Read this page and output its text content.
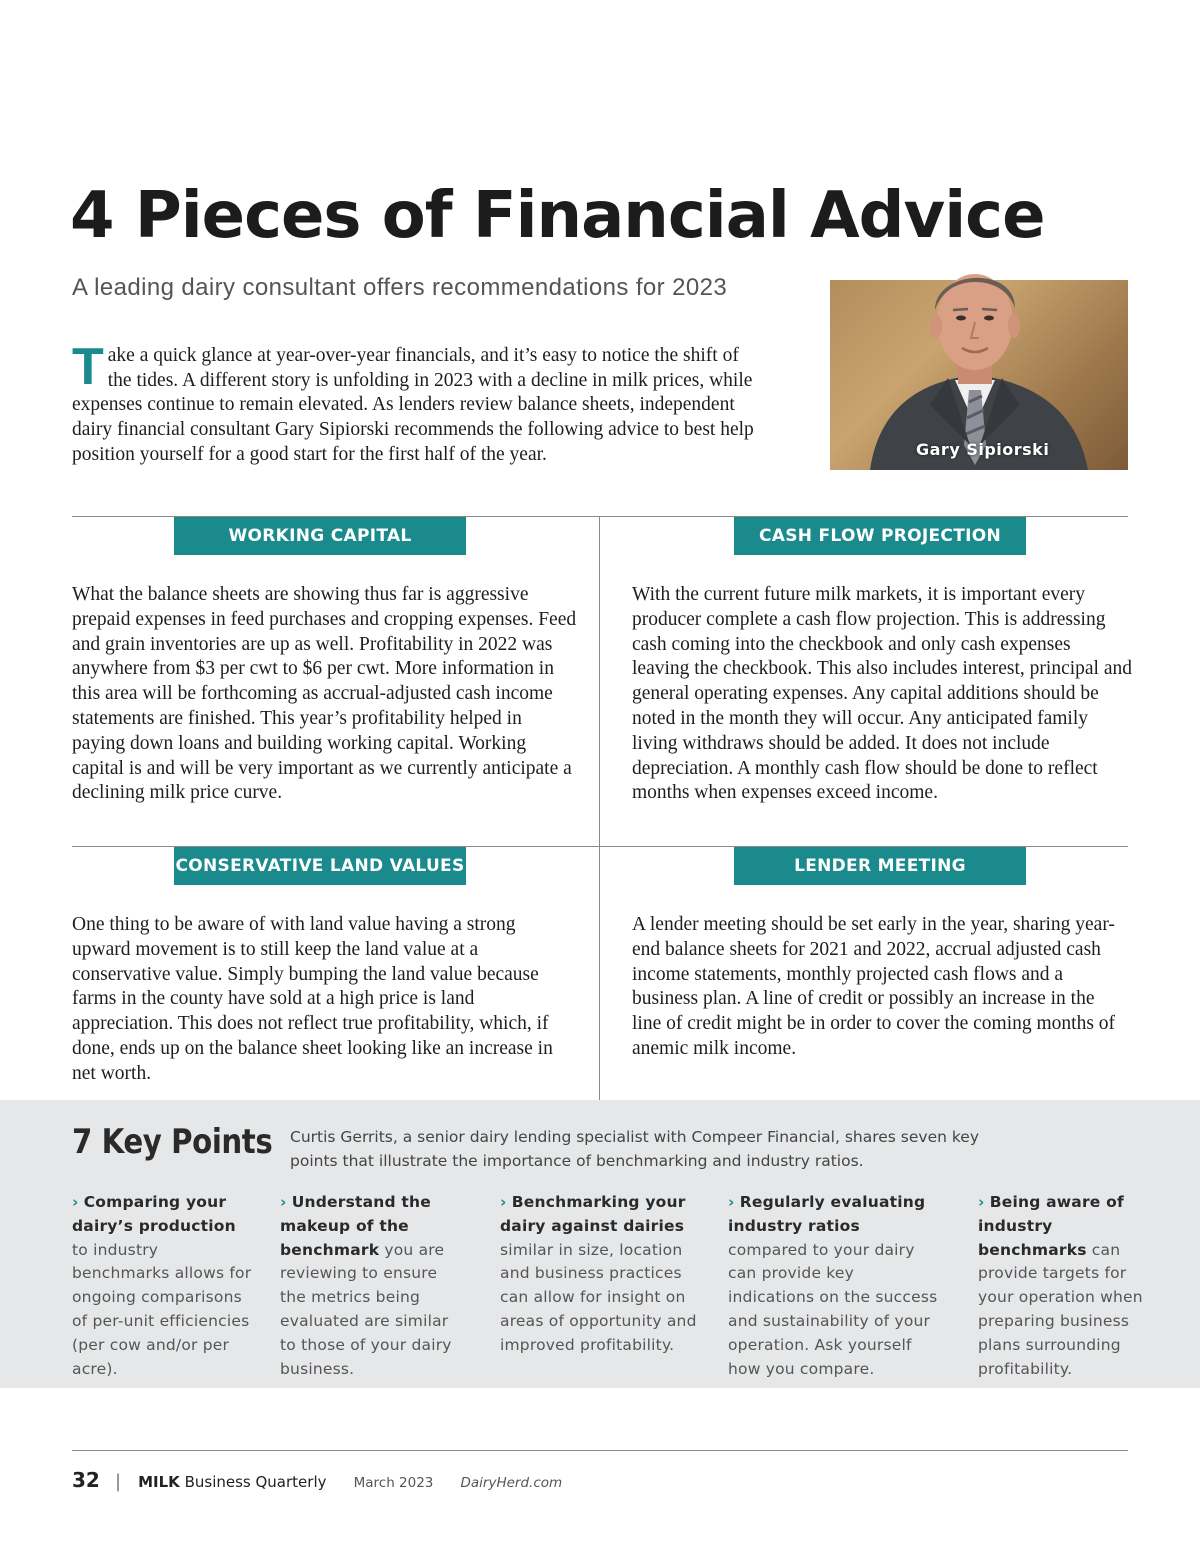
4 Pieces of Financial Advice
A leading dairy consultant offers recommendations for 2023
Take a quick glance at year-over-year financials, and it’s easy to notice the shift of the tides. A different story is unfolding in 2023 with a decline in milk prices, while expenses continue to remain elevated. As lenders review balance sheets, independent dairy financial consultant Gary Sipiorski recommends the following advice to best help position yourself for a good start for the first half of the year.	Gary Sipiorski
WORKING CAPITAL
What the balance sheets are showing thus far is aggressive prepaid expenses in feed purchases and cropping expenses. Feed and grain inventories are up as well. Profitability in 2022 was anywhere from $3 per cwt to $6 per cwt. More information in this area will be forthcoming as accrual-adjusted cash income statements are finished. This year’s profitability helped in paying down loans and building working capital. Working capital is and will be very important as we currently anticipate a declining milk price curve.
CASH FLOW PROJECTION
With the current future milk markets, it is important every producer complete a cash flow projection. This is addressing cash coming into the checkbook and only cash expenses leaving the checkbook. This also includes interest, principal and general operating expenses. Any capital additions should be noted in the month they will occur. Any anticipated family living withdraws should be added. It does not include depreciation. A monthly cash flow should be done to reflect months when expenses exceed income.
CONSERVATIVE LAND VALUES
One thing to be aware of with land value having a strong upward movement is to still keep the land value at a conservative value. Simply bumping the land value because farms in the county have sold at a high price is land appreciation. This does not reflect true profitability, which, if done, ends up on the balance sheet looking like an increase in net worth.
LENDER MEETING
A lender meeting should be set early in the year, sharing year-end balance sheets for 2021 and 2022, accrual adjusted cash income statements, monthly projected cash flows and a business plan. A line of credit or possibly an increase in the line of credit might be in order to cover the coming months of anemic milk income.
7 Key Points Curtis Gerrits, a senior dairy lending specialist with Compeer Financial, shares seven key points that illustrate the importance of benchmarking and industry ratios.
› Comparing your dairy’s production to industry benchmarks allows for ongoing comparisons of per-unit efficiencies (per cow and/or per acre).
› Understand the makeup of the benchmark you are reviewing to ensure the metrics being evaluated are similar to those of your dairy business.
› Benchmarking your dairy against dairies similar in size, location and business practices can allow for insight on areas of opportunity and improved profitability.
› Regularly evaluating industry ratios compared to your dairy can provide key indications on the success and sustainability of your operation. Ask yourself how you compare.
› Being aware of industry benchmarks can provide targets for your operation when preparing business plans surrounding profitability.
32 | MILK Business Quarterly March 2023 DairyHerd.com
